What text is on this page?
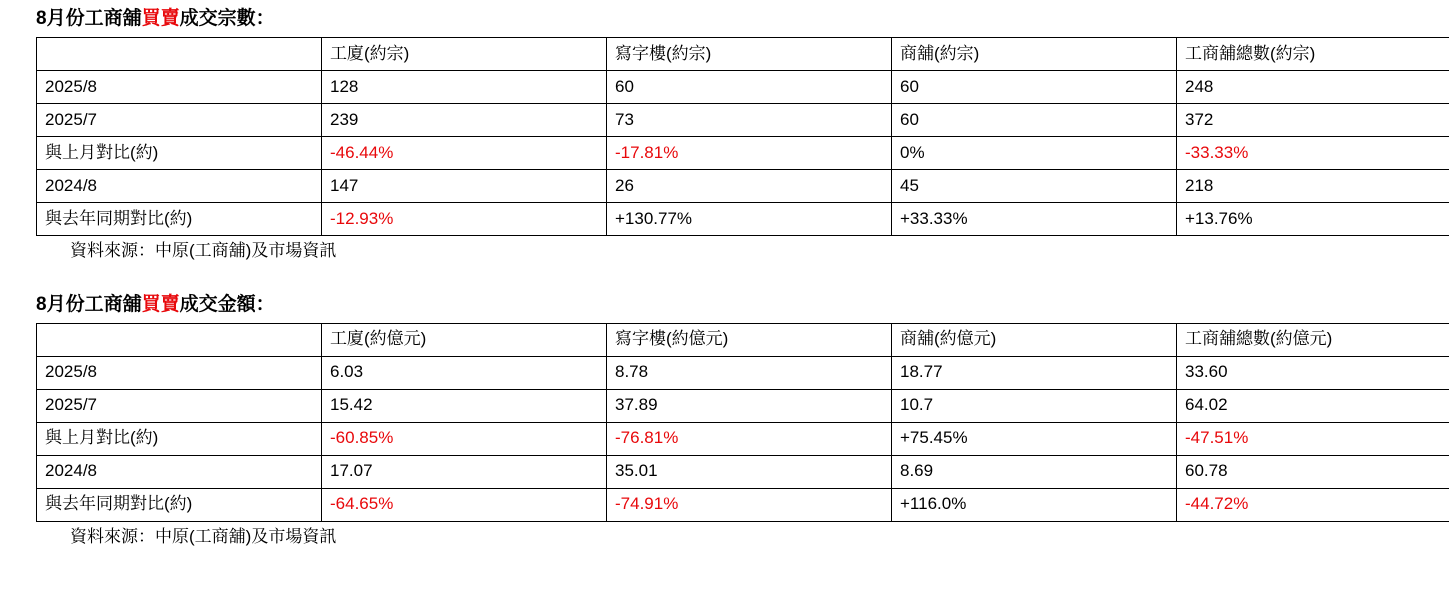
8月份工商舖買賣成交宗數：
	工廈(約宗)	寫字樓(約宗)	商舖(約宗)	工商舖總數(約宗)
2025/8	128	60	60	248
2025/7	239	73	60	372
與上月對比(約)	-46.44%	-17.81%	0%	-33.33%
2024/8	147	26	45	218
與去年同期對比(約)	-12.93%	+130.77%	+33.33%	+13.76%
資料來源：中原(工商舖)及市場資訊
8月份工商舖買賣成交金額：
	工廈(約億元)	寫字樓(約億元)	商舖(約億元)	工商舖總數(約億元)
2025/8	6.03	8.78	18.77	33.60
2025/7	15.42	37.89	10.7	64.02
與上月對比(約)	-60.85%	-76.81%	+75.45%	-47.51%
2024/8	17.07	35.01	8.69	60.78
與去年同期對比(約)	-64.65%	-74.91%	+116.0%	-44.72%
資料來源：中原(工商舖)及市場資訊
